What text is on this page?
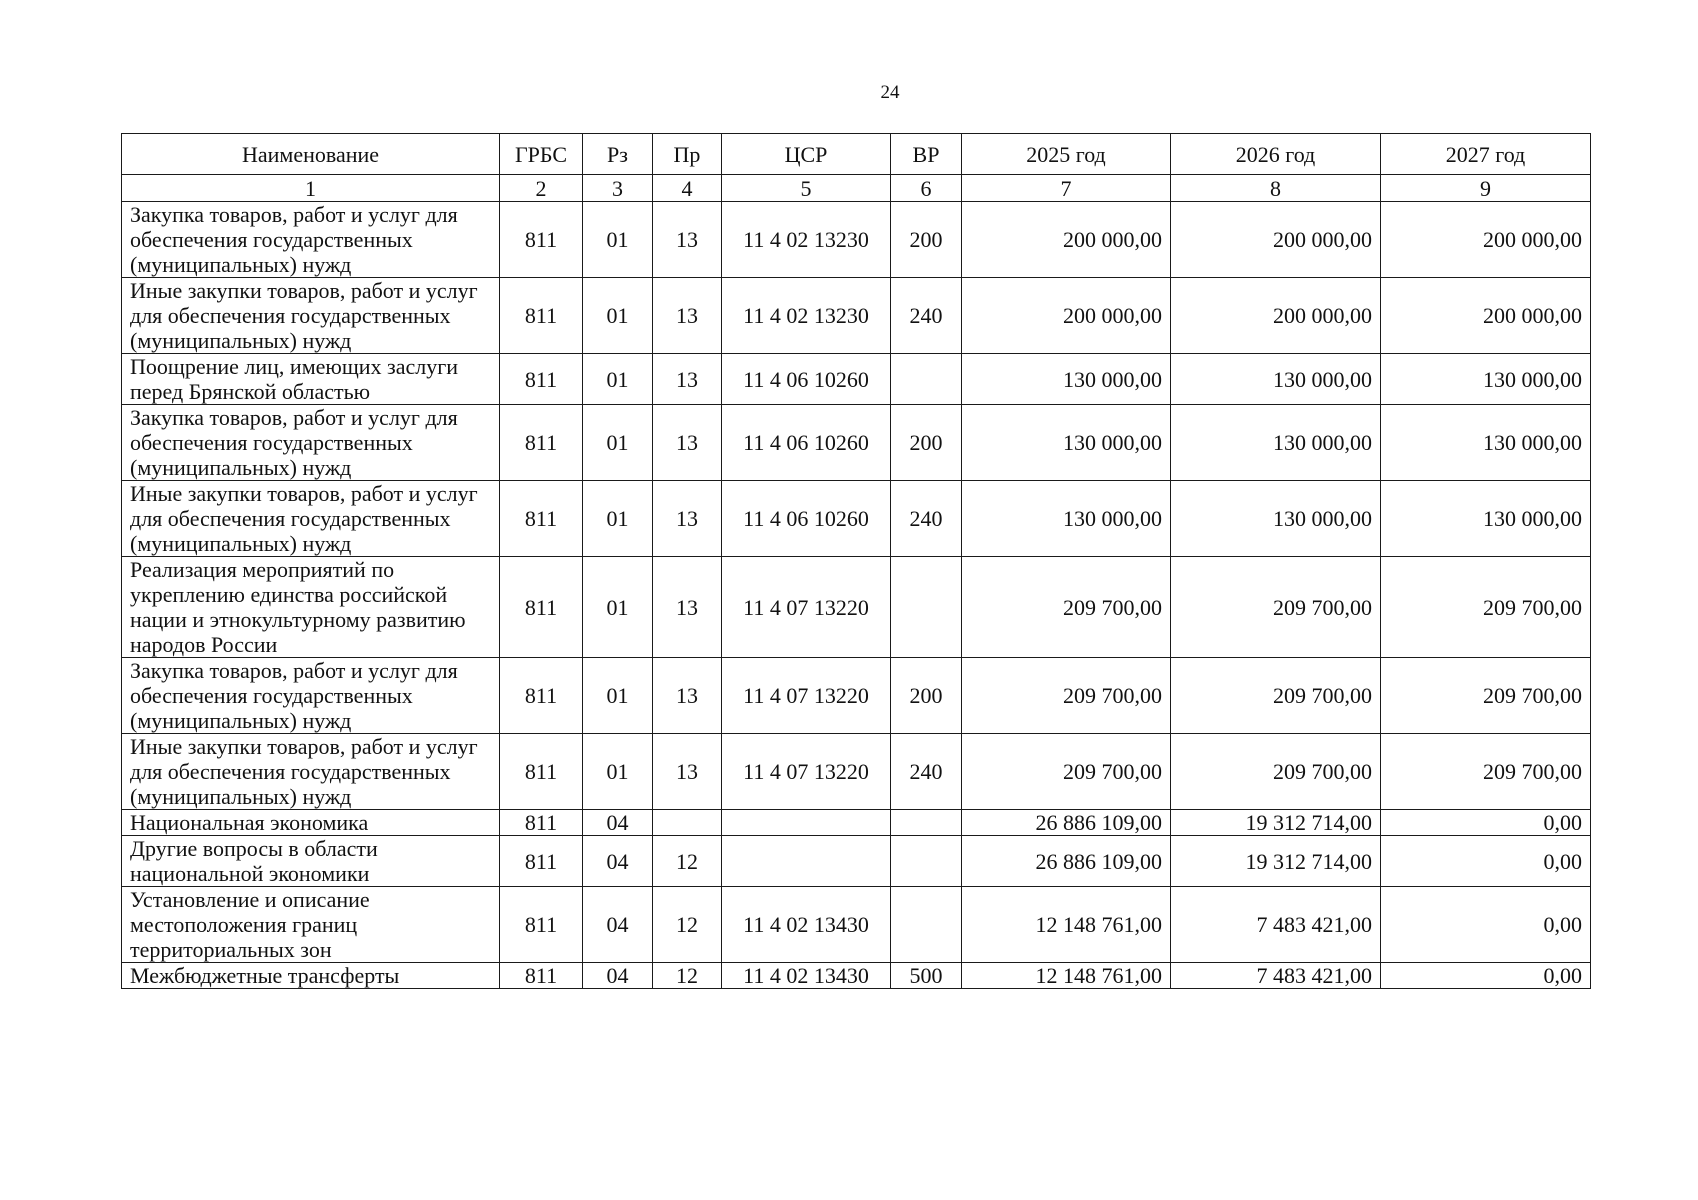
24
Наименование	ГРБС	Рз	Пр	ЦСР	ВР	2025 год	2026 год	2027 год
1	2	3	4	5	6	7	8	9
Закупка товаров, работ и услуг для обеспечения государственных (муниципальных) нужд	811	01	13	11 4 02 13230	200	200 000,00	200 000,00	200 000,00
Иные закупки товаров, работ и услуг для обеспечения государственных (муниципальных) нужд	811	01	13	11 4 02 13230	240	200 000,00	200 000,00	200 000,00
Поощрение лиц, имеющих заслуги перед Брянской областью	811	01	13	11 4 06 10260		130 000,00	130 000,00	130 000,00
Закупка товаров, работ и услуг для обеспечения государственных (муниципальных) нужд	811	01	13	11 4 06 10260	200	130 000,00	130 000,00	130 000,00
Иные закупки товаров, работ и услуг для обеспечения государственных (муниципальных) нужд	811	01	13	11 4 06 10260	240	130 000,00	130 000,00	130 000,00
Реализация мероприятий по укреплению единства российской нации и этнокультурному развитию народов России	811	01	13	11 4 07 13220		209 700,00	209 700,00	209 700,00
Закупка товаров, работ и услуг для обеспечения государственных (муниципальных) нужд	811	01	13	11 4 07 13220	200	209 700,00	209 700,00	209 700,00
Иные закупки товаров, работ и услуг для обеспечения государственных (муниципальных) нужд	811	01	13	11 4 07 13220	240	209 700,00	209 700,00	209 700,00
Национальная экономика	811	04				26 886 109,00	19 312 714,00	0,00
Другие вопросы в области национальной экономики	811	04	12			26 886 109,00	19 312 714,00	0,00
Установление и описание местоположения границ территориальных зон	811	04	12	11 4 02 13430		12 148 761,00	7 483 421,00	0,00
Межбюджетные трансферты	811	04	12	11 4 02 13430	500	12 148 761,00	7 483 421,00	0,00
